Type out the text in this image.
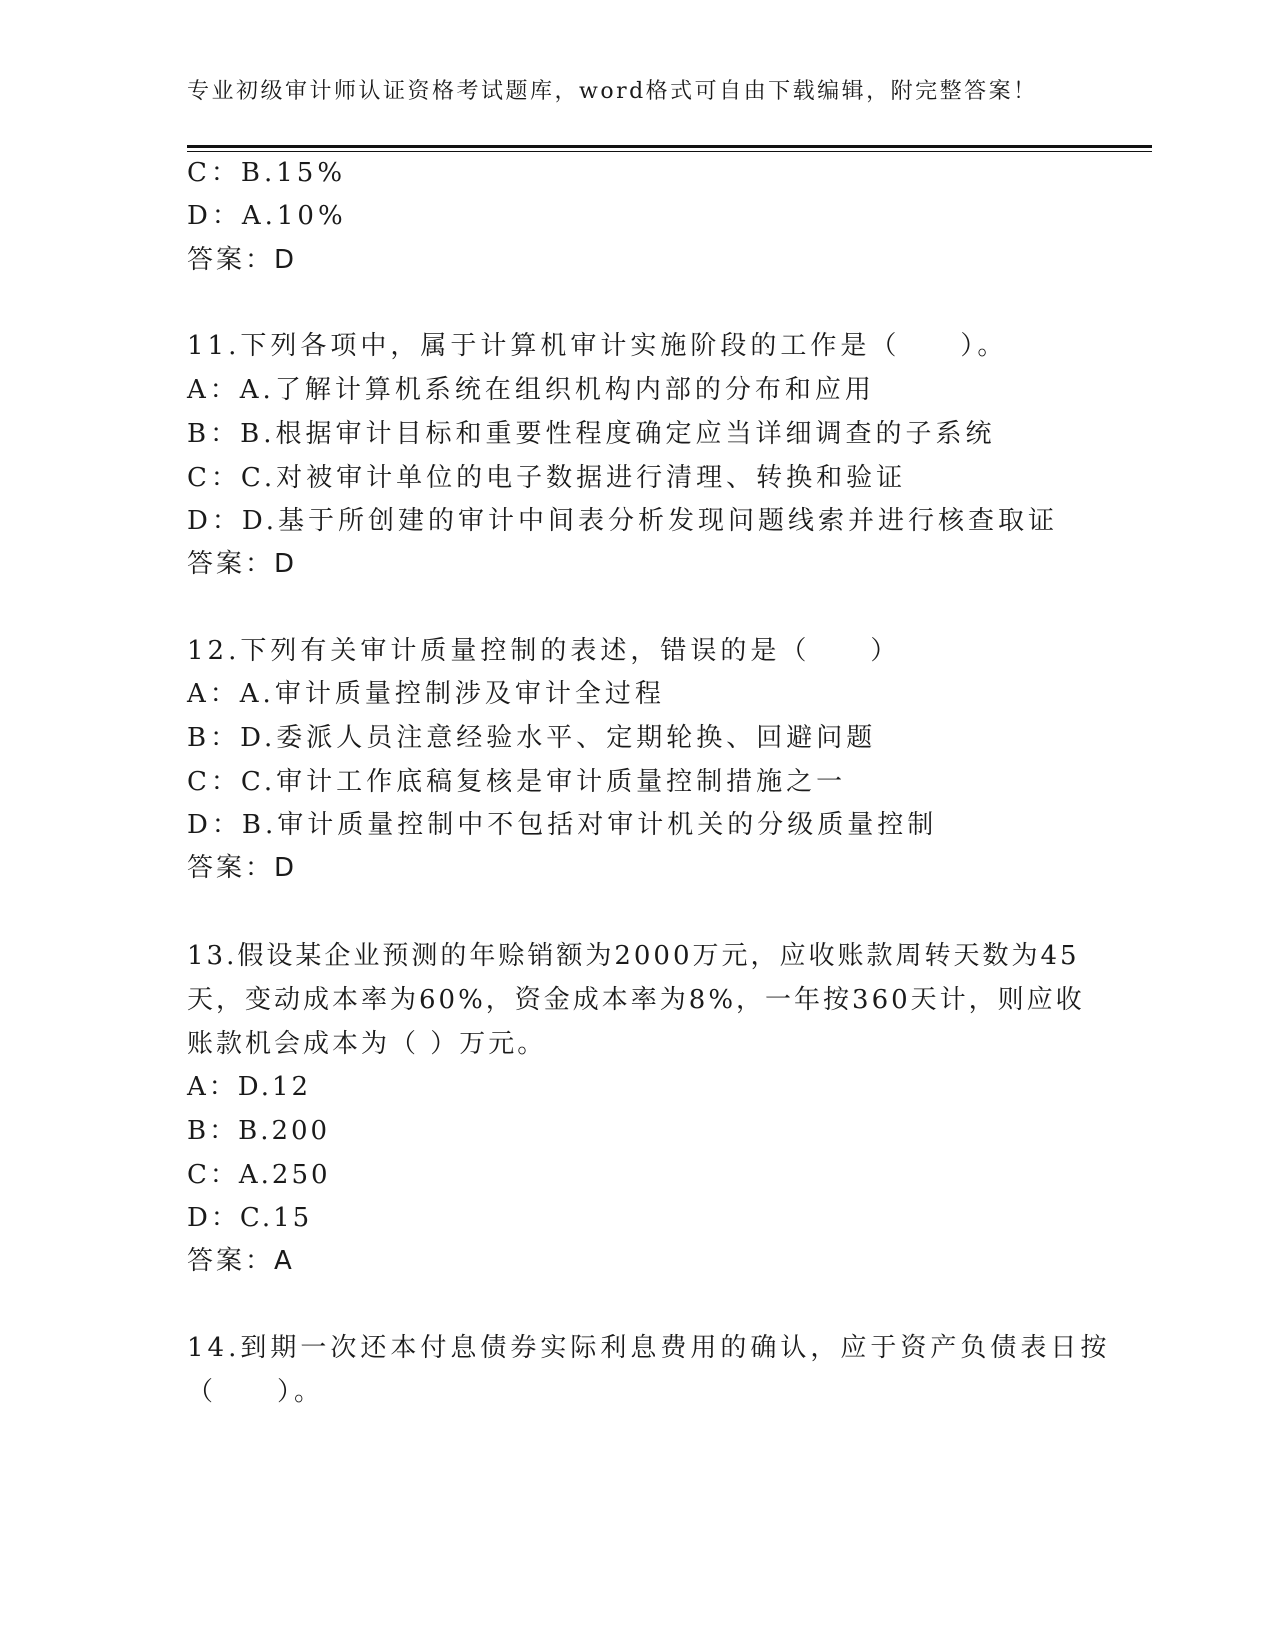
专业初级审计师认证资格考试题库，word格式可自由下载编辑，附完整答案！
C：B.15%
D：A.10%
答案：D
11.下列各项中，属于计算机审计实施阶段的工作是（　　）。
A：A.了解计算机系统在组织机构内部的分布和应用
B：B.根据审计目标和重要性程度确定应当详细调查的子系统
C：C.对被审计单位的电子数据进行清理、转换和验证
D：D.基于所创建的审计中间表分析发现问题线索并进行核查取证
答案：D
12.下列有关审计质量控制的表述，错误的是（　　）
A：A.审计质量控制涉及审计全过程
B：D.委派人员注意经验水平、定期轮换、回避问题
C：C.审计工作底稿复核是审计质量控制措施之一
D：B.审计质量控制中不包括对审计机关的分级质量控制
答案：D
13.假设某企业预测的年赊销额为2000万元，应收账款周转天数为45
天，变动成本率为60%，资金成本率为8%，一年按360天计，则应收
账款机会成本为（ ）万元。
A：D.12
B：B.200
C：A.250
D：C.15
答案：A
14.到期一次还本付息债券实际利息费用的确认，应于资产负债表日按
（　　）。
